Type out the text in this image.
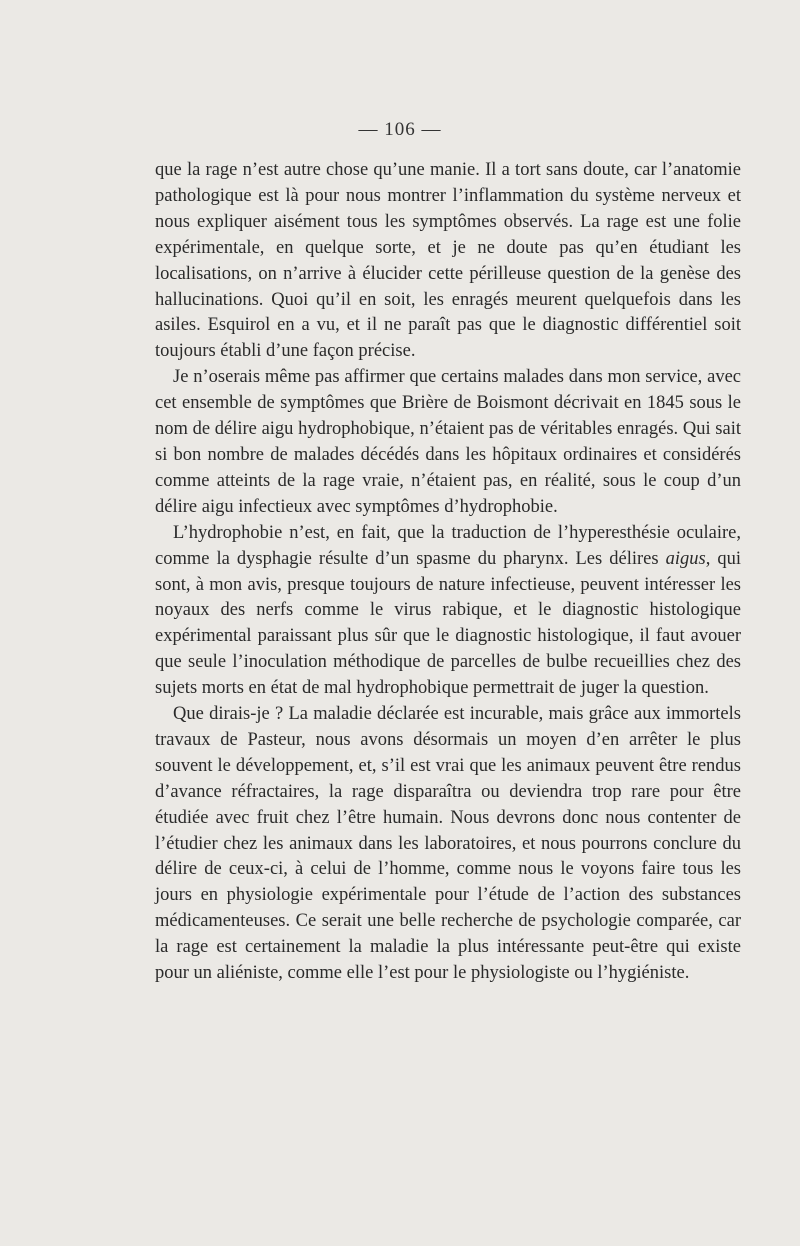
— 106 —

que la rage n’est autre chose qu’une manie. Il a tort sans doute, car l’anatomie pathologique est là pour nous montrer l’inflammation du système nerveux et nous expliquer aisément tous les symptômes observés. La rage est une folie expérimentale, en quelque sorte, et je ne doute pas qu’en étudiant les localisations, on n’arrive à élucider cette périlleuse question de la genèse des hallucinations. Quoi qu’il en soit, les enragés meurent quelquefois dans les asiles. Esquirol en a vu, et il ne paraît pas que le diagnostic différentiel soit toujours établi d’une façon précise.

Je n’oserais même pas affirmer que certains malades dans mon service, avec cet ensemble de symptômes que Brière de Boismont décrivait en 1845 sous le nom de délire aigu hydrophobique, n’étaient pas de véritables enragés. Qui sait si bon nombre de malades décédés dans les hôpitaux ordinaires et considérés comme atteints de la rage vraie, n’étaient pas, en réalité, sous le coup d’un délire aigu infectieux avec symptômes d’hydrophobie.

L’hydrophobie n’est, en fait, que la traduction de l’hyperesthésie oculaire, comme la dysphagie résulte d’un spasme du pharynx. Les délires aigus, qui sont, à mon avis, presque toujours de nature infectieuse, peuvent intéresser les noyaux des nerfs comme le virus rabique, et le diagnostic histologique expérimental paraissant plus sûr que le diagnostic histologique, il faut avouer que seule l’inoculation méthodique de parcelles de bulbe recueillies chez des sujets morts en état de mal hydrophobique permettrait de juger la question.

Que dirais-je ? La maladie déclarée est incurable, mais grâce aux immortels travaux de Pasteur, nous avons désormais un moyen d’en arrêter le plus souvent le développement, et, s’il est vrai que les animaux peuvent être rendus d’avance réfractaires, la rage disparaîtra ou deviendra trop rare pour être étudiée avec fruit chez l’être humain. Nous devrons donc nous contenter de l’étudier chez les animaux dans les laboratoires, et nous pourrons conclure du délire de ceux-ci, à celui de l’homme, comme nous le voyons faire tous les jours en physiologie expérimentale pour l’étude de l’action des substances médicamenteuses. Ce serait une belle recherche de psychologie comparée, car la rage est certainement la maladie la plus intéressante peut-être qui existe pour un aliéniste, comme elle l’est pour le physiologiste ou l’hygiéniste.
